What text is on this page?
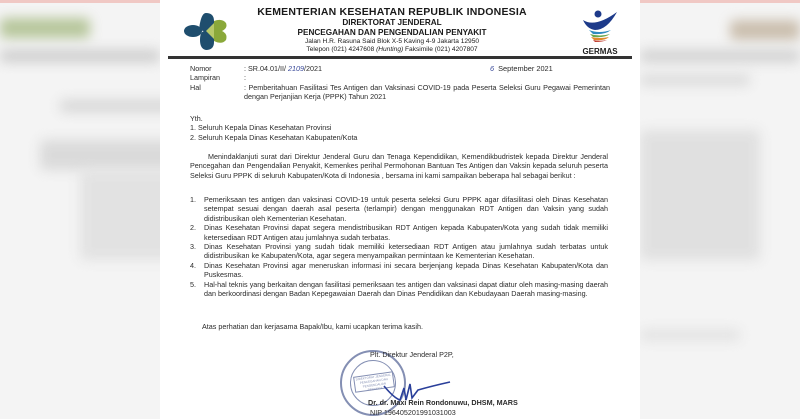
KEMENTERIAN KESEHATAN REPUBLIK INDONESIA
DIREKTORAT JENDERAL
PENCEGAHAN DAN PENGENDALIAN PENYAKIT
Jalan H.R. Rasuna Said Blok X-5 Kaving 4-9 Jakarta 12950
Telepon (021) 4247608 (Hunting) Faksimile (021) 4207807	GERMAS
Nomor	: SR.04.01/II/ 2109/2021
Lampiran	:
Hal	: Pemberitahuan Fasilitasi Tes Antigen dan Vaksinasi COVID-19 pada Peserta Seleksi Guru Pegawai Pemerintan dengan Perjanjian Kerja (PPPK) Tahun 2021
6 September 2021
Yth.
1. Seluruh Kepala Dinas Kesehatan Provinsi
2. Seluruh Kepala Dinas Kesehatan Kabupaten/Kota
Menindaklanjuti surat dari Direktur Jenderal Guru dan Tenaga Kependidikan, Kemendikbudristek kepada Direktur Jenderal Pencegahan dan Pengendalian Penyakit, Kemenkes perihal Permohonan Bantuan Tes Antigen dan Vaksin kepada seluruh peserta Seleksi Guru PPPK di seluruh Kabupaten/Kota di Indonesia , bersama ini kami sampaikan beberapa hal sebagai berikut :
1.	Pemeriksaan tes antigen dan vaksinasi COVID-19 untuk peserta seleksi Guru PPPK agar difasilitasi oleh Dinas Kesehatan setempat sesuai dengan daerah asal peserta (terlampir) dengan menggunakan RDT Antigen dan Vaksin yang sudah didistribusikan oleh Kementerian Kesehatan.
2.	Dinas Kesehatan Provinsi dapat segera mendistribusikan RDT Antigen kepada Kabupaten/Kota yang sudah tidak memiliki ketersediaan RDT Antigen atau jumlahnya sudah terbatas.
3.	Dinas Kesehatan Provinsi yang sudah tidak memiliki ketersediaan RDT Antigen atau jumlahnya sudah terbatas untuk didistribusikan ke Kabupaten/Kota, agar segera menyampaikan permintaan ke Kementerian Kesehatan.
4.	Dinas Kesehatan Provinsi agar meneruskan informasi ini secara berjenjang kepada Dinas Kesehatan Kabupaten/Kota dan Puskesmas.
5.	Hal-hal teknis yang berkaitan dengan fasilitasi pemeriksaan tes antigen dan vaksinasi dapat diatur oleh masing-masing daerah dan berkoordinasi dengan Badan Kepegawaian Daerah dan Dinas Pendidikan dan Kebudayaan Daerah masing-masing.
Atas perhatian dan kerjasama Bapak/Ibu, kami ucapkan terima kasih.
DIREKTORAT JENDERAL PENCEGAHAN DAN PENGENDALIAN PENYAKIT
Plt. Direktur Jenderal P2P,
Dr. dr. Maxi Rein Rondonuwu, DHSM, MARS
NIP 196405201991031003
